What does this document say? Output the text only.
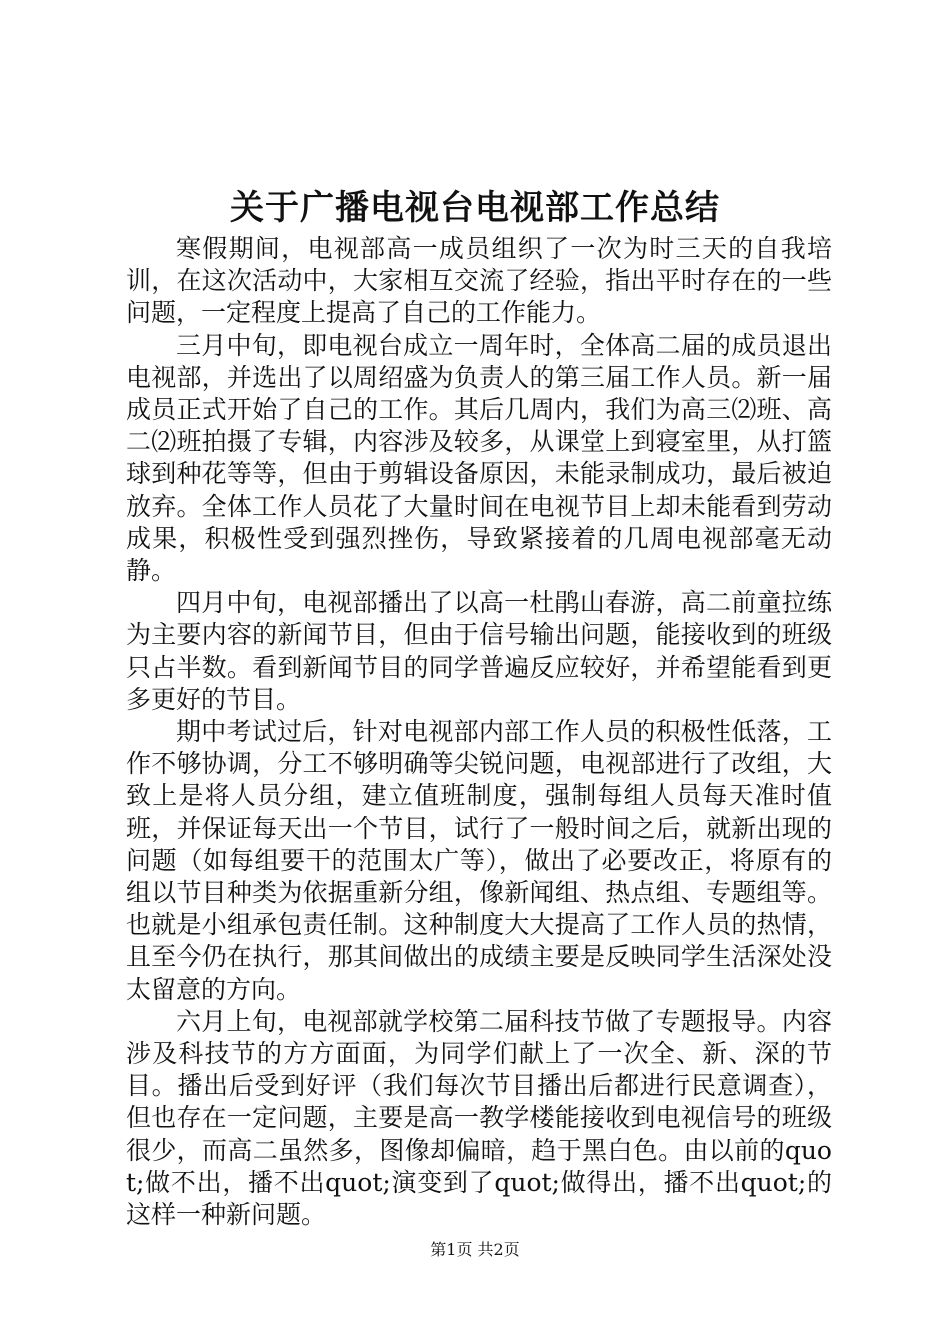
关于广播电视台电视部工作总结

寒假期间，电视部高一成员组织了一次为时三天的自我培训，在这次活动中，大家相互交流了经验，指出平时存在的一些问题，一定程度上提高了自己的工作能力。

三月中旬，即电视台成立一周年时，全体高二届的成员退出电视部，并选出了以周绍盛为负责人的第三届工作人员。新一届成员正式开始了自己的工作。其后几周内，我们为高三⑵班、高二⑵班拍摄了专辑，内容涉及较多，从课堂上到寝室里，从打篮球到种花等等，但由于剪辑设备原因，未能录制成功，最后被迫放弃。全体工作人员花了大量时间在电视节目上却未能看到劳动成果，积极性受到强烈挫伤，导致紧接着的几周电视部毫无动静。

四月中旬，电视部播出了以高一杜鹃山春游，高二前童拉练为主要内容的新闻节目，但由于信号输出问题，能接收到的班级只占半数。看到新闻节目的同学普遍反应较好，并希望能看到更多更好的节目。

期中考试过后，针对电视部内部工作人员的积极性低落，工作不够协调，分工不够明确等尖锐问题，电视部进行了改组，大致上是将人员分组，建立值班制度，强制每组人员每天准时值班，并保证每天出一个节目，试行了一般时间之后，就新出现的问题（如每组要干的范围太广等），做出了必要改正，将原有的组以节目种类为依据重新分组，像新闻组、热点组、专题组等。也就是小组承包责任制。这种制度大大提高了工作人员的热情，且至今仍在执行，那其间做出的成绩主要是反映同学生活深处没太留意的方向。

六月上旬，电视部就学校第二届科技节做了专题报导。内容涉及科技节的方方面面，为同学们献上了一次全、新、深的节目。播出后受到好评（我们每次节目播出后都进行民意调查），但也存在一定问题，主要是高一教学楼能接收到电视信号的班级很少，而高二虽然多，图像却偏暗，趋于黑白色。由以前的quot;做不出，播不出quot;演变到了quot;做得出，播不出quot;的这样一种新问题。

第1页 共2页
